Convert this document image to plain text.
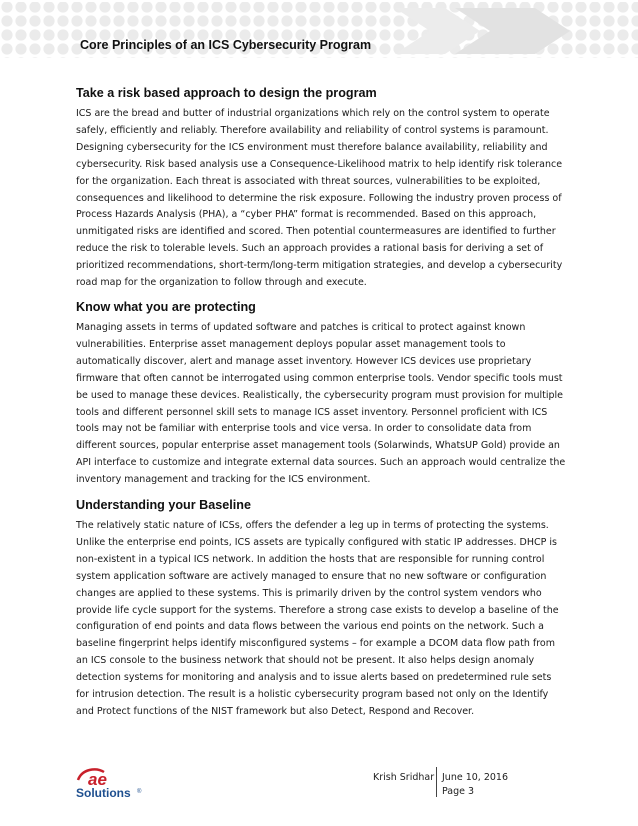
Core Principles of an ICS Cybersecurity Program
Take a risk based approach to design the program

ICS are the bread and butter of industrial organizations which rely on the control system to operate safely, efficiently and reliably. Therefore availability and reliability of control systems is paramount. Designing cybersecurity for the ICS environment must therefore balance availability, reliability and cybersecurity. Risk based analysis use a Consequence-Likelihood matrix to help identify risk tolerance for the organization. Each threat is associated with threat sources, vulnerabilities to be exploited, consequences and likelihood to determine the risk exposure. Following the industry proven process of Process Hazards Analysis (PHA), a “cyber PHA” format is recommended. Based on this approach, unmitigated risks are identified and scored. Then potential countermeasures are identified to further reduce the risk to tolerable levels. Such an approach provides a rational basis for deriving a set of prioritized recommendations, short-term/long-term mitigation strategies, and develop a cybersecurity road map for the organization to follow through and execute.

Know what you are protecting

Managing assets in terms of updated software and patches is critical to protect against known vulnerabilities. Enterprise asset management deploys popular asset management tools to automatically discover, alert and manage asset inventory. However ICS devices use proprietary firmware that often cannot be interrogated using common enterprise tools. Vendor specific tools must be used to manage these devices. Realistically, the cybersecurity program must provision for multiple tools and different personnel skill sets to manage ICS asset inventory. Personnel proficient with ICS tools may not be familiar with enterprise tools and vice versa. In order to consolidate data from different sources, popular enterprise asset management tools (Solarwinds, WhatsUP Gold) provide an API interface to customize and integrate external data sources. Such an approach would centralize the inventory management and tracking for the ICS environment.

Understanding your Baseline

The relatively static nature of ICSs, offers the defender a leg up in terms of protecting the systems. Unlike the enterprise end points, ICS assets are typically configured with static IP addresses. DHCP is non-existent in a typical ICS network. In addition the hosts that are responsible for running control system application software are actively managed to ensure that no new software or configuration changes are applied to these systems. This is primarily driven by the control system vendors who provide life cycle support for the systems. Therefore a strong case exists to develop a baseline of the configuration of end points and data flows between the various end points on the network. Such a baseline fingerprint helps identify misconfigured systems – for example a DCOM data flow path from an ICS console to the business network that should not be present. It also helps design anomaly detection systems for monitoring and analysis and to issue alerts based on predetermined rule sets for intrusion detection. The result is a holistic cybersecurity program based not only on the Identify and Protect functions of the NIST framework but also Detect, Respond and Recover.

ae
Solutions ®
Krish Sridhar June 10, 2016
Page 3
